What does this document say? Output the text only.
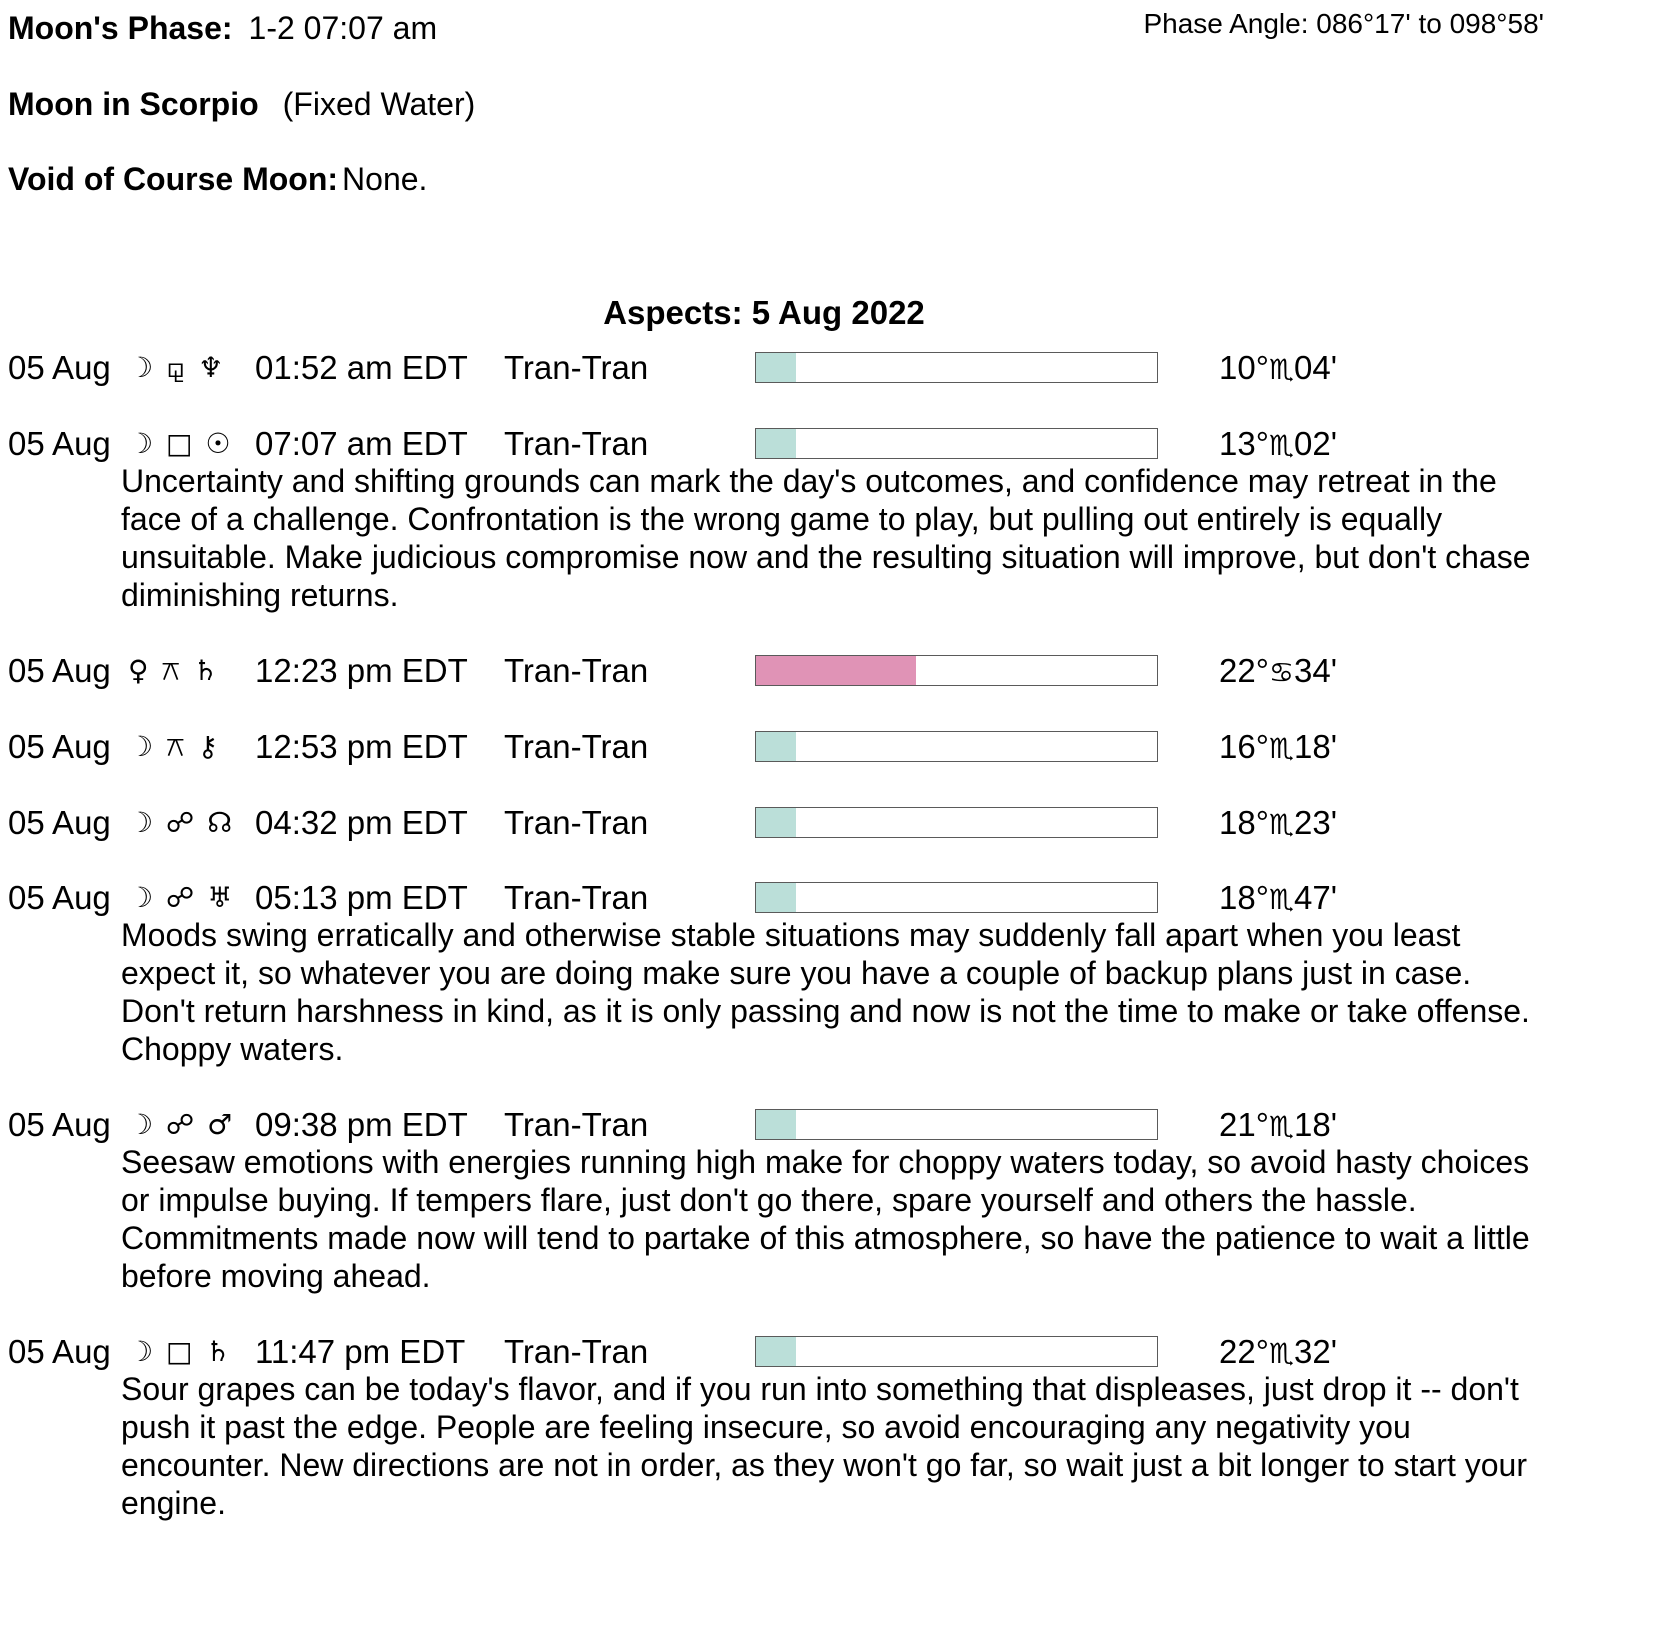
Moon's Phase: 1-2 07:07 am	Phase Angle: 086°17' to 098°58'
Moon in Scorpio (Fixed Water)
Void of Course Moon: None.
Aspects: 5 Aug 2022
05 Aug ☽ ⚼ ♆ 01:52 am EDT Tran-Tran	10°♏04'
05 Aug ☽ □ ☉ 07:07 am EDT Tran-Tran	13°♏02'
Uncertainty and shifting grounds can mark the day's outcomes, and confidence may retreat in the face of a challenge. Confrontation is the wrong game to play, but pulling out entirely is equally unsuitable. Make judicious compromise now and the resulting situation will improve, but don't chase diminishing returns.
05 Aug ♀ ⚻ ♄ 12:23 pm EDT Tran-Tran	22°♋34'
05 Aug ☽ ⚻ ⚷ 12:53 pm EDT Tran-Tran	16°♏18'
05 Aug ☽ ☍ ☊ 04:32 pm EDT Tran-Tran	18°♏23'
05 Aug ☽ ☍ ♅ 05:13 pm EDT Tran-Tran	18°♏47'
Moods swing erratically and otherwise stable situations may suddenly fall apart when you least expect it, so whatever you are doing make sure you have a couple of backup plans just in case. Don't return harshness in kind, as it is only passing and now is not the time to make or take offense. Choppy waters.
05 Aug ☽ ☍ ♂ 09:38 pm EDT Tran-Tran	21°♏18'
Seesaw emotions with energies running high make for choppy waters today, so avoid hasty choices or impulse buying. If tempers flare, just don't go there, spare yourself and others the hassle. Commitments made now will tend to partake of this atmosphere, so have the patience to wait a little before moving ahead.
05 Aug ☽ □ ♄ 11:47 pm EDT Tran-Tran	22°♏32'
Sour grapes can be today's flavor, and if you run into something that displeases, just drop it -- don't push it past the edge. People are feeling insecure, so avoid encouraging any negativity you encounter. New directions are not in order, as they won't go far, so wait just a bit longer to start your engine.
